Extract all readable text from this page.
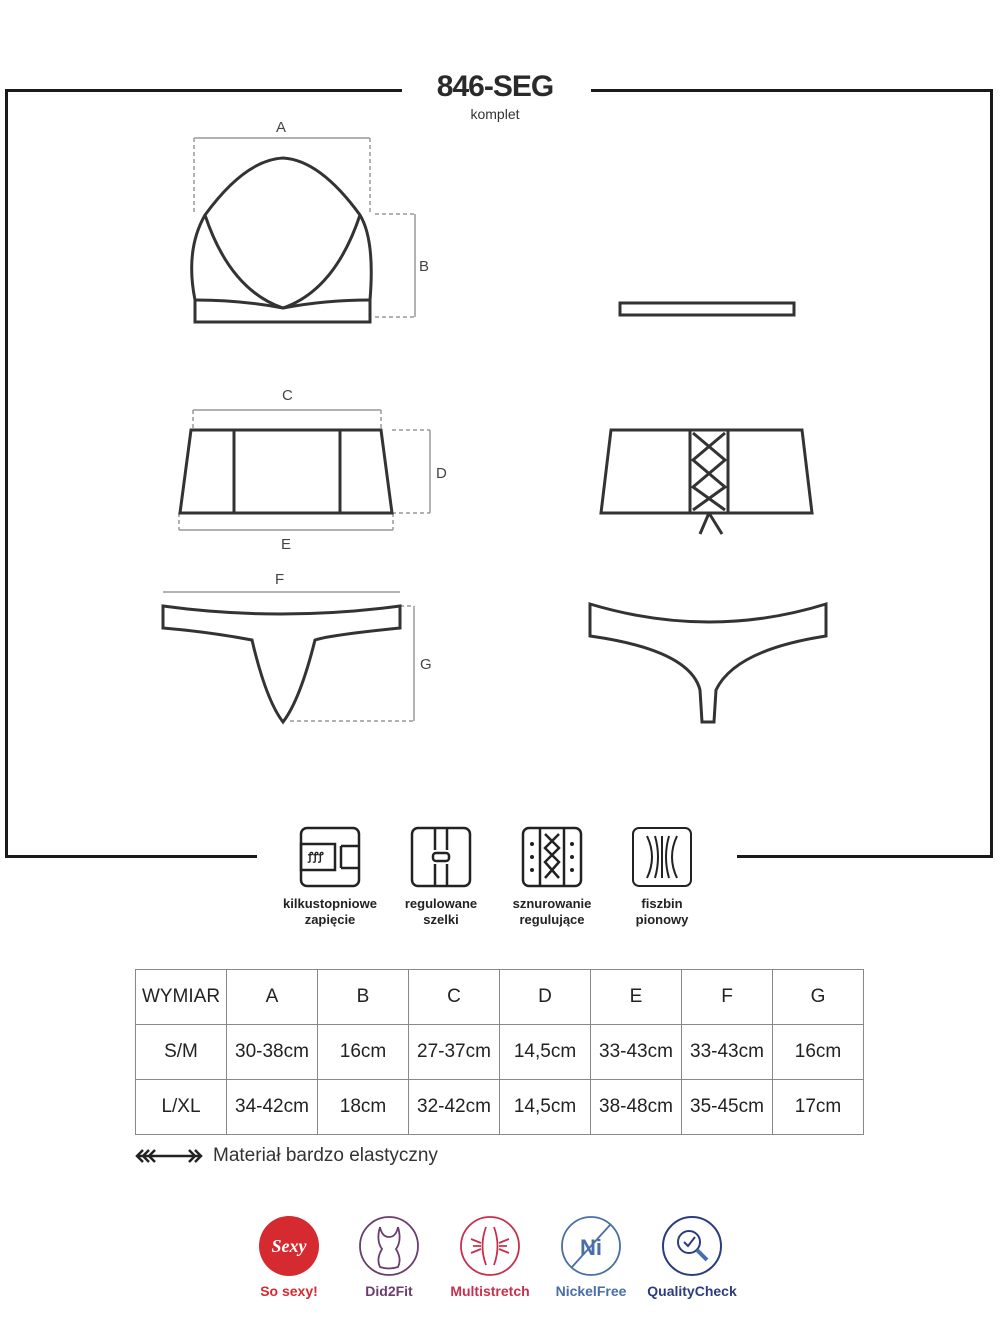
846-SEG
komplet
A
B
C
D
E
F
G
ꝭꝭꝭ
kilkustopniowe
zapięcie
regulowane
szelki
sznurowanie
regulujące
fiszbin
pionowy
WYMIAR	A	B	C	D	E	F	G
S/M	30-38cm	16cm	27-37cm	14,5cm	33-43cm	33-43cm	16cm
L/XL	34-42cm	18cm	32-42cm	14,5cm	38-48cm	35-45cm	17cm
Materiał bardzo elastyczny
Sexy
So sexy!	Did2Fit	Multistretch
Ni
NickelFree	QualityCheck
